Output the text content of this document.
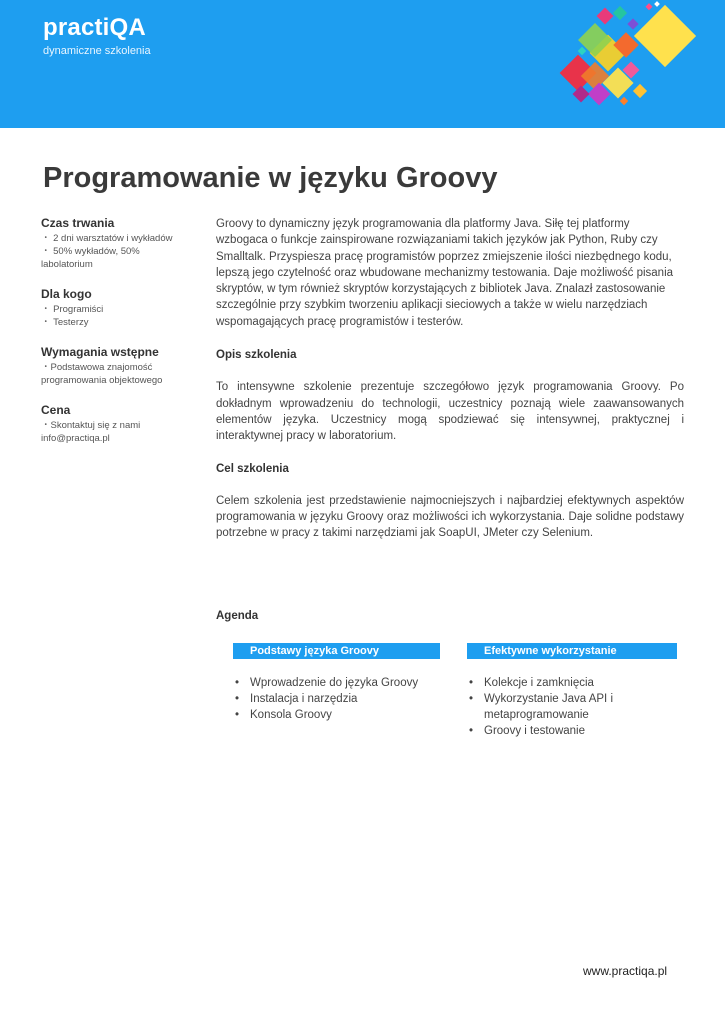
practiQA
dynamiczne szkolenia
Programowanie w języku Groovy
Czas trwania
・ 2 dni warsztatów i wykładów
・ 50% wykładów, 50%
labolatorium
Dla kogo
・ Programiści
・ Testerzy
Wymagania wstępne
・Podstawowa znajomość
programowania objektowego
Cena
・Skontaktuj się z nami
info@practiqa.pl

Groovy to dynamiczny język programowania dla platformy Java. Siłę tej platformy wzbogaca o funkcje zainspirowane rozwiązaniami takich języków jak Python, Ruby czy Smalltalk. Przyspiesza pracę programistów poprzez zmiejszenie ilości niezbędnego kodu, lepszą jego czytelność oraz wbudowane mechanizmy testowania. Daje możliwość pisania skryptów, w tym również skryptów korzystających z bibliotek Java. Znalazł zastosowanie szczególnie przy szybkim tworzeniu aplikacji sieciowych a także w wielu narzędziach wspomagających pracę programistów i testerów.

Opis szkolenia

To intensywne szkolenie prezentuje szczegółowo język programowania Groovy. Po dokładnym wprowadzeniu do technologii, uczestnicy poznają wiele zaawansowanych elementów języka. Uczestnicy mogą spodziewać się intensywnej, praktycznej i interaktywnej pracy w laboratorium.

Cel szkolenia

Celem szkolenia jest przedstawienie najmocniejszych i najbardziej efektywnych aspektów programowania w języku Groovy oraz możliwości ich wykorzystania. Daje solidne podstawy potrzebne w pracy z takimi narzędziami jak SoapUI, JMeter czy Selenium.

Agenda
Podstawy języka Groovy
• Wprowadzenie do języka Groovy
• Instalacja i narzędzia
• Konsola Groovy
Efektywne wykorzystanie
• Kolekcje i zamknięcia
• Wykorzystanie Java API i metaprogramowanie
• Groovy i testowanie
www.practiqa.pl
